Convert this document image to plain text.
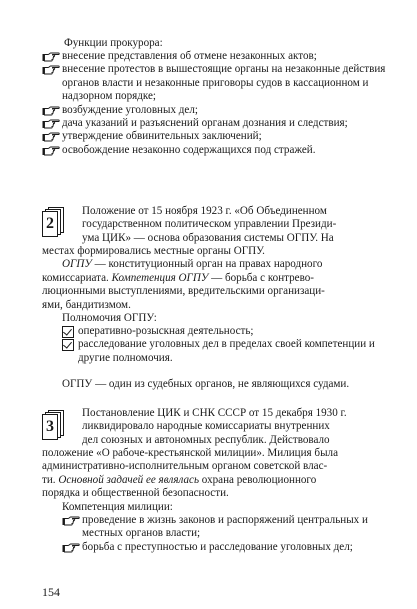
Функции прокурора:
внесение представления об отмене незаконных актов;
внесение протестов в вышестоящие органы на незаконные действия органов власти и незаконные приговоры судов в кассационном и надзорном порядке;
возбуждение уголовных дел;
дача указаний и разъяснений органам дознания и следствия;
утверждение обвинительных заключений;
освобождение незаконно содержащихся под стражей.
2
Положение от 15 ноября 1923 г. «Об Объединенном
государственном политическом управлении Президи-
ума ЦИК» — основа образования системы ОГПУ. На
местах формировались местные органы ОГПУ.
ОГПУ — конституционный орган на правах народного
комиссариата. Компетенция ОГПУ — борьба с контрево-
люционными выступлениями, вредительскими организаци-
ями, бандитизмом.
Полномочия ОГПУ:
оперативно-розыскная деятельность;
расследование уголовных дел в пределах своей компетенции и другие полномочия.
ОГПУ — один из судебных органов, не являющихся судами.
3
Постановление ЦИК и СНК СССР от 15 декабря 1930 г.
ликвидировало народные комиссариаты внутренних
дел союзных и автономных республик. Действовало
положение «О рабоче-крестьянской милиции». Милиция была
административно-исполнительным органом советской влас-
ти. Основной задачей ее являлась охрана революционного
порядка и общественной безопасности.
Компетенция милиции:
проведение в жизнь законов и распоряжений центральных и местных органов власти;
борьба с преступностью и расследование уголовных дел;
154
